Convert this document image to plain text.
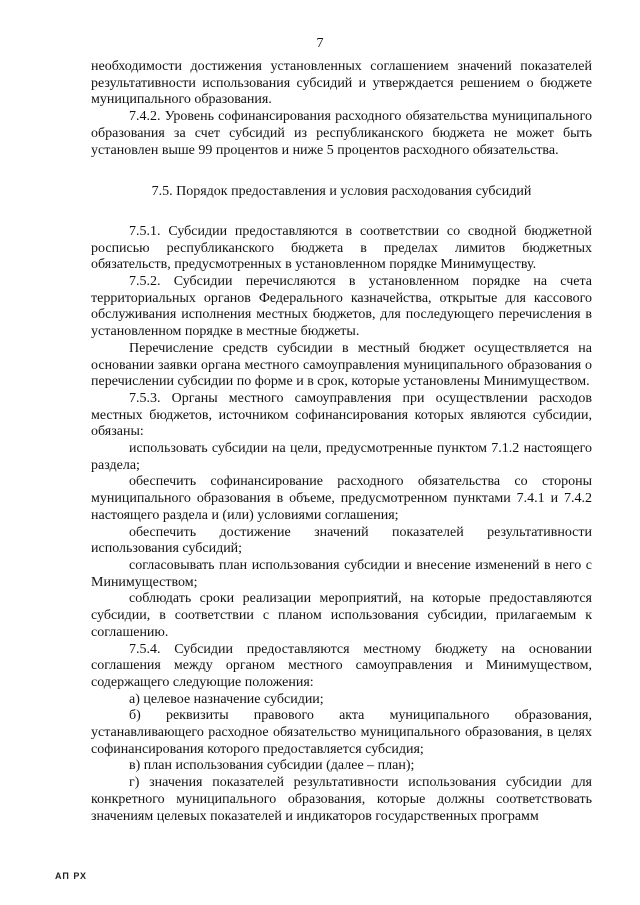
7

необходимости достижения установленных соглашением значений показателей результативности использования субсидий и утверждается решением о бюджете муниципального образования.

7.4.2. Уровень софинансирования расходного обязательства муниципального образования за счет субсидий из республиканского бюджета не может быть установлен выше 99 процентов и ниже 5 процентов расходного обязательства.

7.5. Порядок предоставления и условия расходования субсидий

7.5.1. Субсидии предоставляются в соответствии со сводной бюджетной росписью республиканского бюджета в пределах лимитов бюджетных обязательств, предусмотренных в установленном порядке Минимуществу.

7.5.2. Субсидии перечисляются в установленном порядке на счета территориальных органов Федерального казначейства, открытые для кассового обслуживания исполнения местных бюджетов, для последующего перечисления в установленном порядке в местные бюджеты.

Перечисление средств субсидии в местный бюджет осуществляется на основании заявки органа местного самоуправления муниципального образования о перечислении субсидии по форме и в срок, которые установлены Минимуществом.

7.5.3. Органы местного самоуправления при осуществлении расходов местных бюджетов, источником софинансирования которых являются субсидии, обязаны:

использовать субсидии на цели, предусмотренные пунктом 7.1.2 настоящего раздела;

обеспечить софинансирование расходного обязательства со стороны муниципального образования в объеме, предусмотренном пунктами 7.4.1 и 7.4.2 настоящего раздела и (или) условиями соглашения;

обеспечить достижение значений показателей результативности использования субсидий;

согласовывать план использования субсидии и внесение изменений в него с Минимуществом;

соблюдать сроки реализации мероприятий, на которые предоставляются субсидии, в соответствии с планом использования субсидии, прилагаемым к соглашению.

7.5.4. Субсидии предоставляются местному бюджету на основании соглашения между органом местного самоуправления и Минимуществом, содержащего следующие положения:

а) целевое назначение субсидии;

б) реквизиты правового акта муниципального образования, устанавливающего расходное обязательство муниципального образования, в целях софинансирования которого предоставляется субсидия;

в) план использования субсидии (далее – план);

г) значения показателей результативности использования субсидии для конкретного муниципального образования, которые должны соответствовать значениям целевых показателей и индикаторов государственных программ

АП РХ
